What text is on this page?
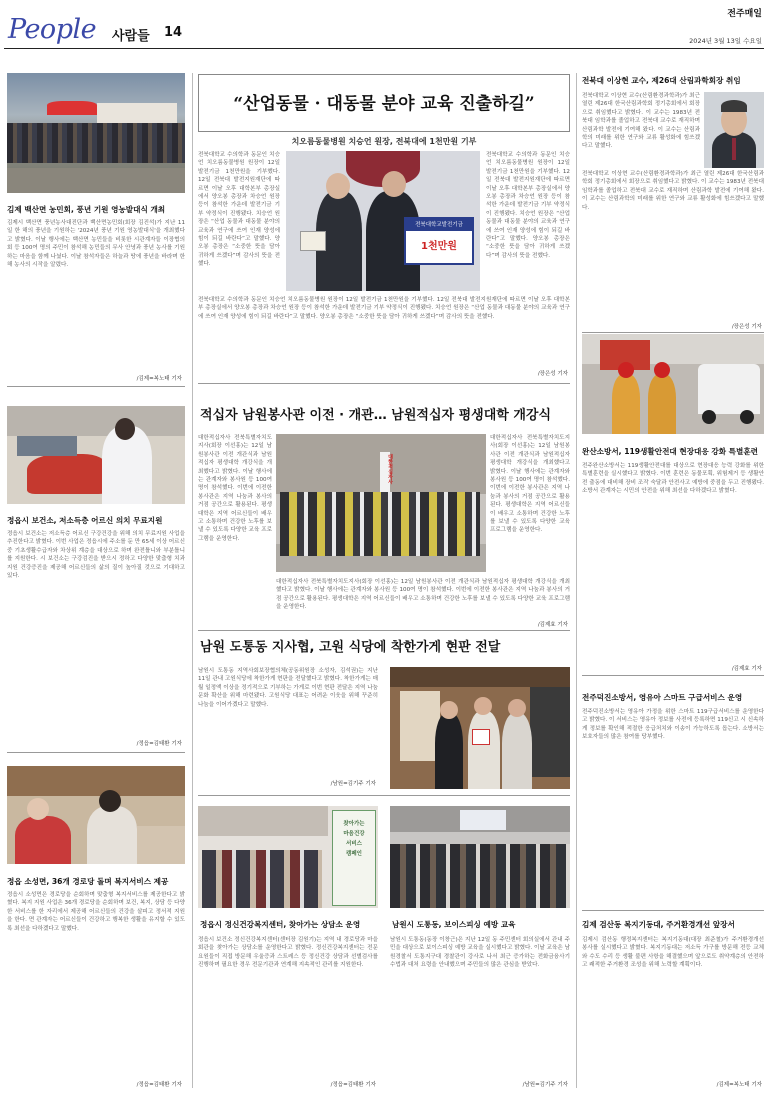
People 사람들 14
전주매일
2024년 3월 13일 수요일
김제 백산면 농민회, 풍년 기원 영농발대식 개최
김제시 백산면 풍년농사대진단과 백산면농민회(회장 김진석)가 지난 11일 한 해의 풍년을 기원하는 '2024년 풍년 기원 영농발대식'을 개최했다고 밝혔다. 이날 행사에는 백산면 농민들을 비롯한 시관계자들 이장협의회 등 100여 명의 주민이 참석해 농민들의 무사 안녕과 풍년 농사를 기원하는 마음을 함께 나눴다. 이날 참석자들은 하늘과 땅에 풍년을 바라며 한 해 농사의 시작을 알렸다.
/김제=복노태 기자
정읍시 보건소, 저소득층 어르신 의치 무료지원
정읍시 보건소는 저소득층 어르신 구강건강을 위해 의치 무료지원 사업을 추진한다고 밝혔다. 이번 사업은 정읍시에 주소를 둔 만 65세 이상 어르신 중 기초생활수급자와 차상위 계층을 대상으로 하며 완전틀니와 부분틀니를 지원한다. 시 보건소는 구강검진을 받으시 정하고 다양한 맞춤형 치과 지원 건강증진을 제공해 어르신들의 삶의 질이 높아질 것으로 기대하고 있다.
/정읍=김태환 기자
정읍 소성면, 36개 경로당 돌며 복지서비스 제공
정읍시 소성면은 경로당을 순회하며 맞춤형 복지서비스를 제공한다고 밝혔다. 복지 지원 사업은 36개 경로당을 순회하며 보건, 복지, 상담 등 다양한 서비스를 한 자리에서 제공해 어르신들의 건강을 살피고 정서적 지원을 한다. 면 관계자는 어르신들이 건강하고 행복한 생활을 유지할 수 있도록 최선을 다하겠다고 말했다.
/정읍=김태환 기자
“산업동물 · 대동물 분야 교육 진출하길”
치오름동물병원 치승언 원장, 전북대에 1천만원 기부
전북대학교발전기금
1천만원
전북대학교 수의학과 동문인 치승언 치오름동물병원 원장이 12일 발전기금 1천만원을 기부했다. 12일 전북대 발전지원재단에 따르면 이날 오후 대학본부 총장실에서 양오봉 총장과 차승언 원장 등이 참석한 가운데 발전기금 기부 약정식이 진행됐다. 치승언 원장은 “산업 동물과 대동물 분야의 교육과 연구에 쓰여 인재 양성에 힘이 되길 바란다”고 말했다. 양오봉 총장은 “소중한 뜻을 담아 귀하게 쓰겠다”며 감사의 뜻을 전했다.
전북대학교 수의학과 동문인 치승언 치오름동물병원 원장이 12일 발전기금 1천만원을 기부했다. 12일 전북대 발전지원재단에 따르면 이날 오후 대학본부 총장실에서 양오봉 총장과 차승언 원장 등이 참석한 가운데 발전기금 기부 약정식이 진행됐다. 치승언 원장은 “산업 동물과 대동물 분야의 교육과 연구에 쓰여 인재 양성에 힘이 되길 바란다”고 말했다. 양오봉 총장은 “소중한 뜻을 담아 귀하게 쓰겠다”며 감사의 뜻을 전했다.
전북대학교 수의학과 동문인 치승언 치오름동물병원 원장이 12일 발전기금 1천만원을 기부했다. 12일 전북대 발전지원재단에 따르면 이날 오후 대학본부 총장실에서 양오봉 총장과 차승언 원장 등이 참석한 가운데 발전기금 기부 약정식이 진행됐다. 치승언 원장은 “산업 동물과 대동물 분야의 교육과 연구에 쓰여 인재 양성에 힘이 되길 바란다”고 말했다. 양오봉 총장은 “소중한 뜻을 담아 귀하게 쓰겠다”며 감사의 뜻을 전했다.
/장은성 기자
적십자 남원봉사관 이전 · 개관… 남원적십자 평생대학 개강식
대한적십자사 전북특별자치도지사(회장 이선홍)는 12일 남원봉사관 이전 개관식과 남원적십자 평생대학 개강식을 개최했다고 밝혔다. 이날 행사에는 관계자와 봉사원 등 100여 명이 참석했다. 이번에 이전한 봉사관은 지역 나눔과 봉사의 거점 공간으로 활용된다. 평생대학은 지역 어르신들이 배우고 소통하며 건강한 노후를 보낼 수 있도록 다양한 교육 프로그램을 운영한다.
대한적십자사
대한적십자사 전북특별자치도지사(회장 이선홍)는 12일 남원봉사관 이전 개관식과 남원적십자 평생대학 개강식을 개최했다고 밝혔다. 이날 행사에는 관계자와 봉사원 등 100여 명이 참석했다. 이번에 이전한 봉사관은 지역 나눔과 봉사의 거점 공간으로 활용된다. 평생대학은 지역 어르신들이 배우고 소통하며 건강한 노후를 보낼 수 있도록 다양한 교육 프로그램을 운영한다.
대한적십자사 전북특별자치도지사(회장 이선홍)는 12일 남원봉사관 이전 개관식과 남원적십자 평생대학 개강식을 개최했다고 밝혔다. 이날 행사에는 관계자와 봉사원 등 100여 명이 참석했다. 이번에 이전한 봉사관은 지역 나눔과 봉사의 거점 공간으로 활용된다. 평생대학은 지역 어르신들이 배우고 소통하며 건강한 노후를 보낼 수 있도록 다양한 교육 프로그램을 운영한다.
/김제효 기자
남원 도통동 지사협, 고원 식당에 착한가게 현판 전달
남원시 도통동 지역사회보장협의체(공동위원장 소성자, 김석권)는 지난 11일 관내 고원식당에 착한가게 현판을 전달했다고 밝혔다. 착한가게는 매월 일정액 이상을 정기적으로 기부하는 가게로 이번 현판 전달은 지역 나눔 문화 확산을 위해 마련됐다. 고원식당 대표는 어려운 이웃을 위해 꾸준히 나눔을 이어가겠다고 말했다.
/남원=김기주 기자
찾아가는
마음건강
서비스
캠페인
정읍시 정신건강복지센터, 찾아가는 상담소 운영	남원시 도통동, 보이스피싱 예방 교육
정읍시 보건소 정신건강복지센터(센터장 김원기)는 지역 내 경로당과 마을회관을 찾아가는 상담소를 운영한다고 밝혔다. 정신건강복지센터는 전문 요원들이 직접 방문해 우울증과 스트레스 등 정신건강 상담과 선별검사를 진행하며 필요한 경우 전문기관과 연계해 지속적인 관리를 지원한다.
/정읍=김태환 기자
남원시 도통동(동장 이창근)은 지난 12일 동 주민센터 회의실에서 관내 주민을 대상으로 보이스피싱 예방 교육을 실시했다고 밝혔다. 이날 교육은 남원경찰서 도통지구대 경찰관이 강사로 나서 최근 증가하는 전화금융사기 수법과 대처 요령을 안내했으며 주민들의 많은 관심을 받았다.
/남원=김기주 기자
전북대 이상현 교수, 제26대 산림과학회장 취임
전북대학교 이상현 교수(산림환경과학과)가 최근 열린 제26대 한국산림과학회 정기총회에서 회장으로 취임했다고 밝혔다. 이 교수는 1983년 전북대 임학과를 졸업하고 전북대 교수로 재직하며 산림과학 발전에 기여해 왔다. 이 교수는 산림과학의 미래를 위한 연구와 교류 활성화에 힘쓰겠다고 말했다.
전북대학교 이상현 교수(산림환경과학과)가 최근 열린 제26대 한국산림과학회 정기총회에서 회장으로 취임했다고 밝혔다. 이 교수는 1983년 전북대 임학과를 졸업하고 전북대 교수로 재직하며 산림과학 발전에 기여해 왔다. 이 교수는 산림과학의 미래를 위한 연구와 교류 활성화에 힘쓰겠다고 말했다.
/장은성 기자
완산소방서, 119생활안전대 현장대응 강화 특별훈련
전주완산소방서는 119생활안전대를 대상으로 현장대응 능력 강화를 위한 특별훈련을 실시했다고 밝혔다. 이번 훈련은 동물포획, 위험제거 등 생활안전 출동에 대비해 장비 조작 숙달과 안전사고 예방에 중점을 두고 진행됐다. 소방서 관계자는 시민의 안전을 위해 최선을 다하겠다고 밝혔다.
/김제효 기자
전주덕진소방서, 영유아 스마트 구급서비스 운영
전주덕진소방서는 영유아 가정을 위한 스마트 119구급서비스를 운영한다고 밝혔다. 이 서비스는 영유아 정보를 사전에 등록하면 119신고 시 신속하게 정보를 확인해 적절한 응급처치와 이송이 가능하도록 돕는다. 소방서는 보호자들의 많은 참여를 당부했다.
김제 검산동 복지기동대, 주거환경개선 앞장서
김제시 검산동 행정복지센터는 복지기동대(대장 최준철)가 주거환경개선 봉사를 실시했다고 밝혔다. 복지기동대는 저소득 가구를 방문해 전등 교체와 수도 수리 등 생활 불편 사항을 해결했으며 앞으로도 취약계층의 안전하고 쾌적한 주거환경 조성을 위해 노력할 계획이다.
/김제=복노태 기자
